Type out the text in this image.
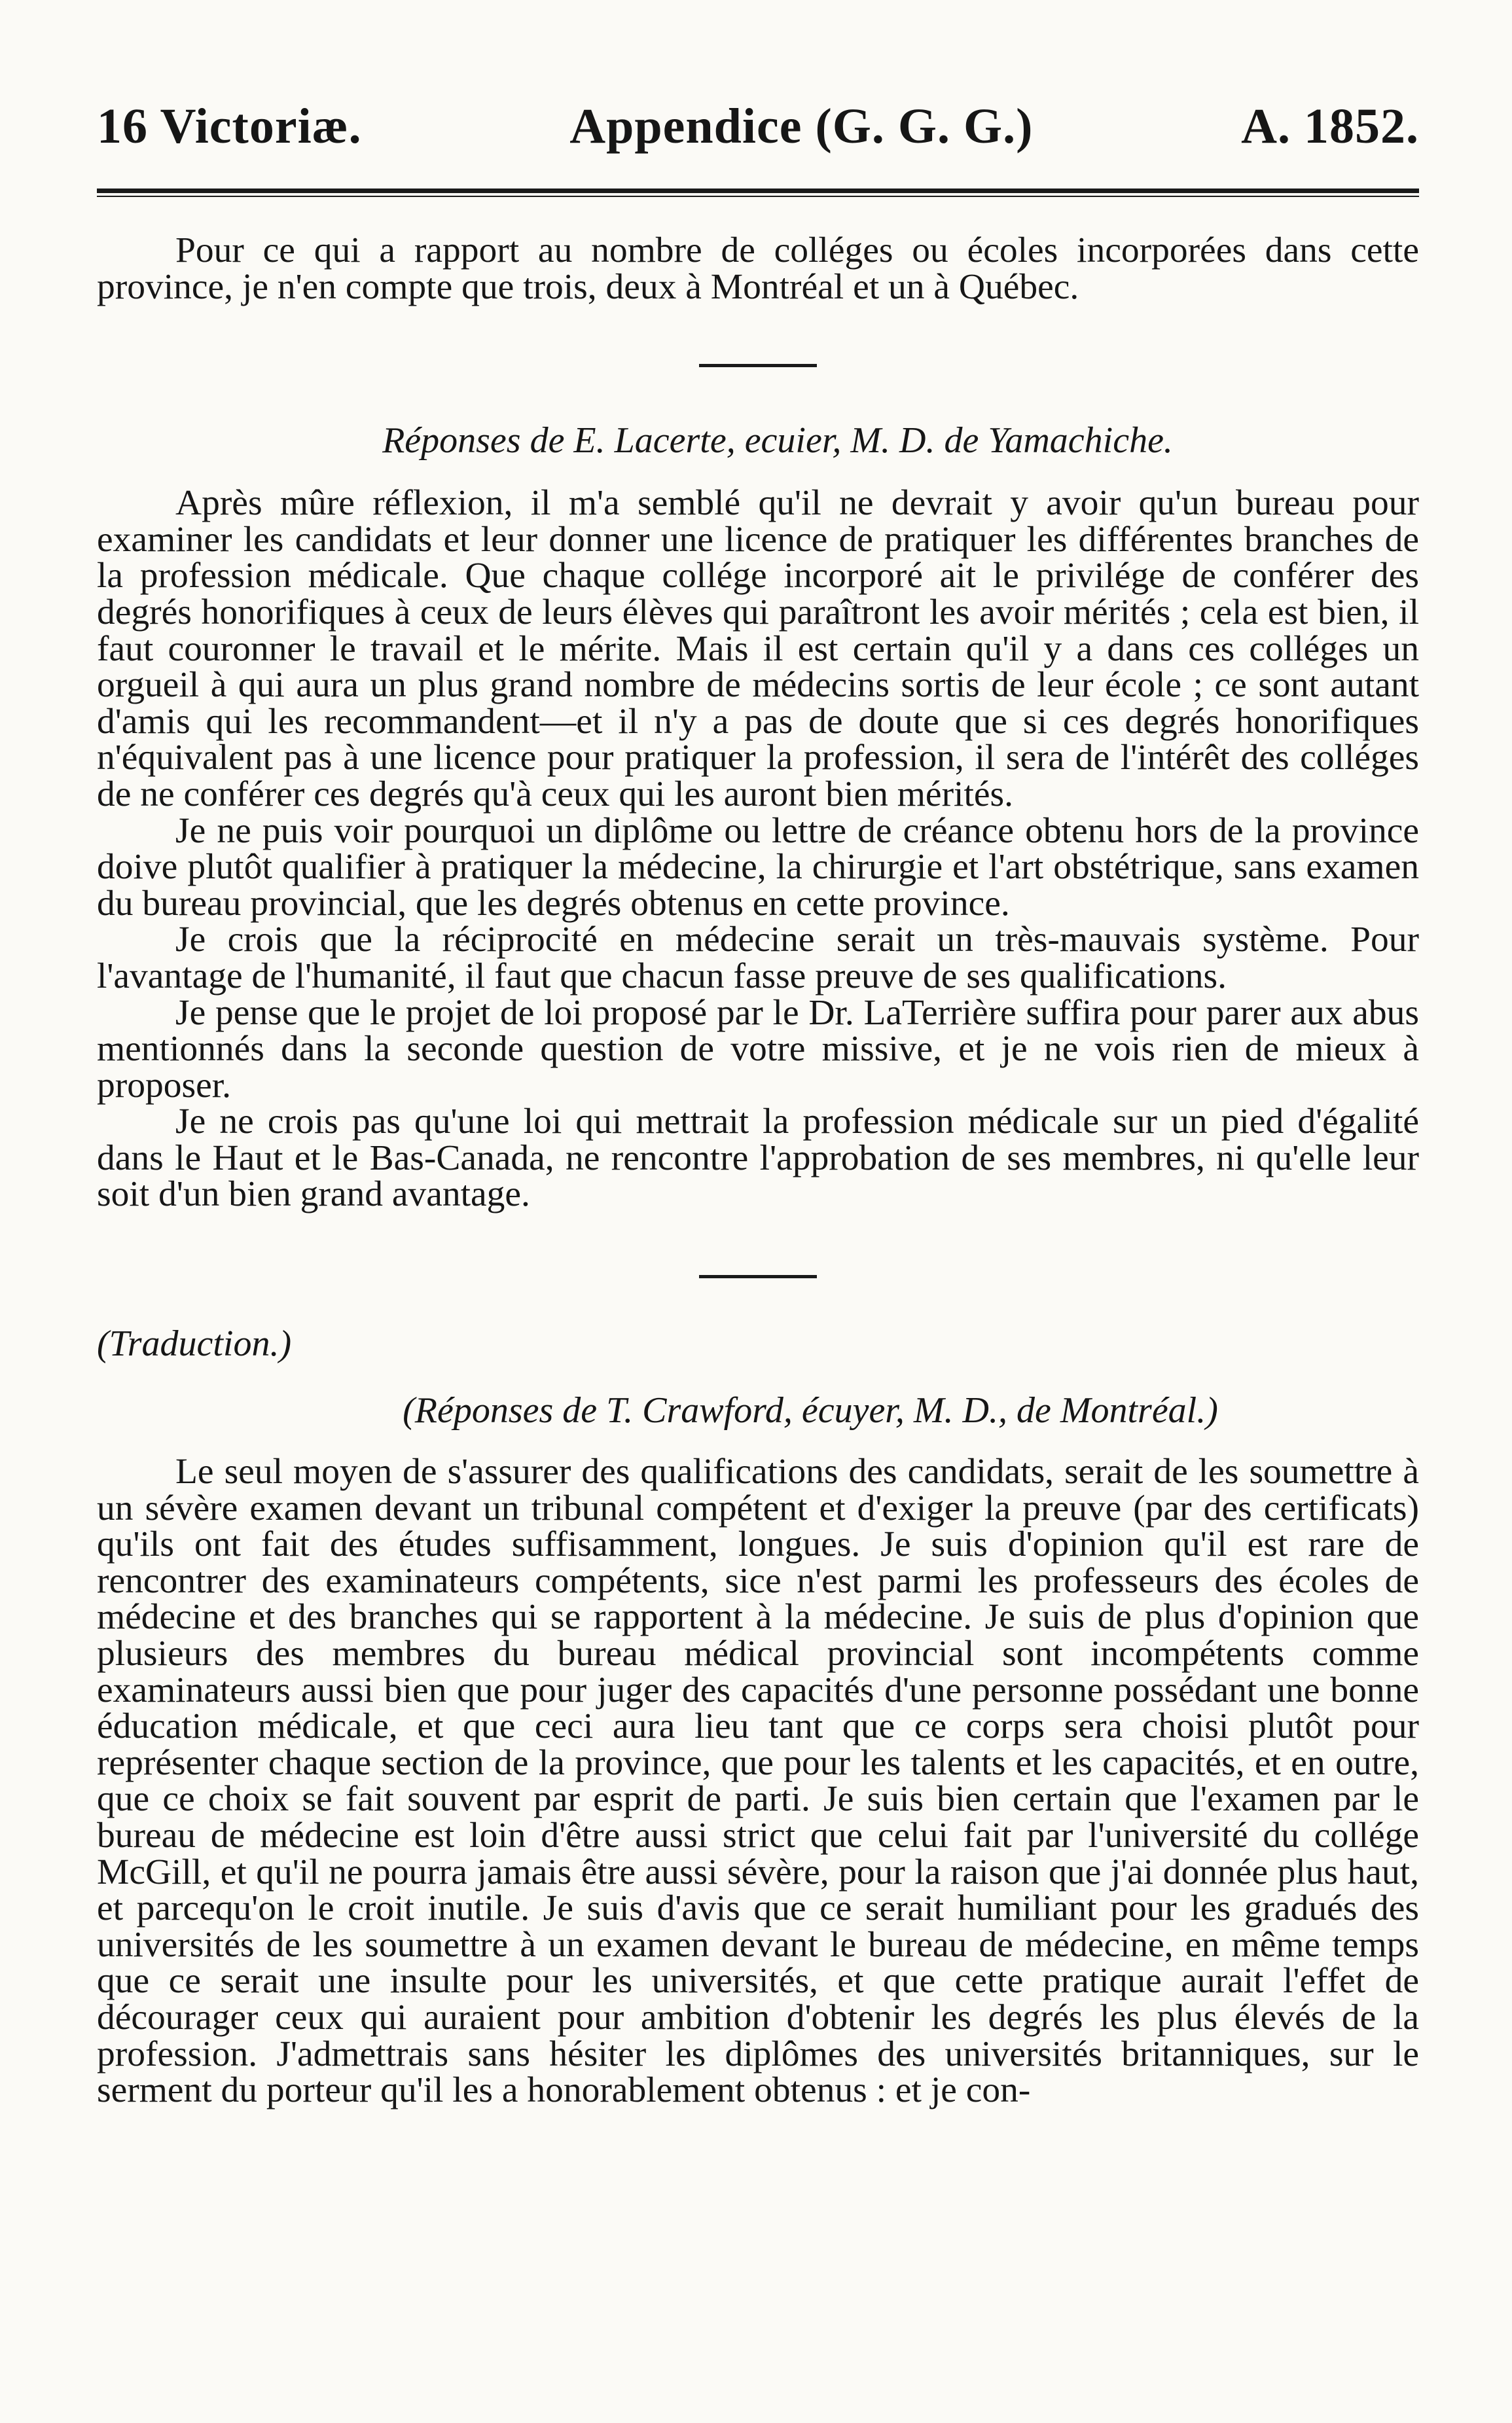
16 Victoriæ.	Appendice (G. G. G.)	A. 1852.

Pour ce qui a rapport au nombre de colléges ou écoles incorporées dans cette province, je n'en compte que trois, deux à Montréal et un à Québec.

Réponses de E. Lacerte, ecuier, M. D. de Yamachiche.

Après mûre réflexion, il m'a semblé qu'il ne devrait y avoir qu'un bureau pour examiner les candidats et leur donner une licence de pratiquer les différentes branches de la profession médicale. Que chaque collége incorporé ait le privilége de conférer des degrés honorifiques à ceux de leurs élèves qui paraîtront les avoir mérités ; cela est bien, il faut couronner le travail et le mérite. Mais il est certain qu'il y a dans ces colléges un orgueil à qui aura un plus grand nombre de médecins sortis de leur école ; ce sont autant d'amis qui les recommandent—et il n'y a pas de doute que si ces degrés honorifiques n'équivalent pas à une licence pour pratiquer la profession, il sera de l'intérêt des colléges de ne conférer ces degrés qu'à ceux qui les auront bien mérités.

Je ne puis voir pourquoi un diplôme ou lettre de créance obtenu hors de la province doive plutôt qualifier à pratiquer la médecine, la chirurgie et l'art obstétrique, sans examen du bureau provincial, que les degrés obtenus en cette province.

Je crois que la réciprocité en médecine serait un très-mauvais système. Pour l'avantage de l'humanité, il faut que chacun fasse preuve de ses qualifications.

Je pense que le projet de loi proposé par le Dr. LaTerrière suffira pour parer aux abus mentionnés dans la seconde question de votre missive, et je ne vois rien de mieux à proposer.

Je ne crois pas qu'une loi qui mettrait la profession médicale sur un pied d'égalité dans le Haut et le Bas-Canada, ne rencontre l'approbation de ses membres, ni qu'elle leur soit d'un bien grand avantage.

(Traduction.)
(Réponses de T. Crawford, écuyer, M. D., de Montréal.)

Le seul moyen de s'assurer des qualifications des candidats, serait de les soumettre à un sévère examen devant un tribunal compétent et d'exiger la preuve (par des certificats) qu'ils ont fait des études suffisamment, longues. Je suis d'opinion qu'il est rare de rencontrer des examinateurs compétents, sice n'est parmi les professeurs des écoles de médecine et des branches qui se rapportent à la médecine. Je suis de plus d'opinion que plusieurs des membres du bureau médical provincial sont incompétents comme examinateurs aussi bien que pour juger des capacités d'une personne possédant une bonne éducation médicale, et que ceci aura lieu tant que ce corps sera choisi plutôt pour représenter chaque section de la province, que pour les talents et les capacités, et en outre, que ce choix se fait souvent par esprit de parti. Je suis bien certain que l'examen par le bureau de médecine est loin d'être aussi strict que celui fait par l'université du collége McGill, et qu'il ne pourra jamais être aussi sévère, pour la raison que j'ai donnée plus haut, et parcequ'on le croit inutile. Je suis d'avis que ce serait humiliant pour les gradués des universités de les soumettre à un examen devant le bureau de médecine, en même temps que ce serait une insulte pour les universités, et que cette pratique aurait l'effet de décourager ceux qui auraient pour ambition d'obtenir les degrés les plus élevés de la profession. J'admettrais sans hésiter les diplômes des universités britanniques, sur le serment du porteur qu'il les a honorablement obtenus : et je con-
